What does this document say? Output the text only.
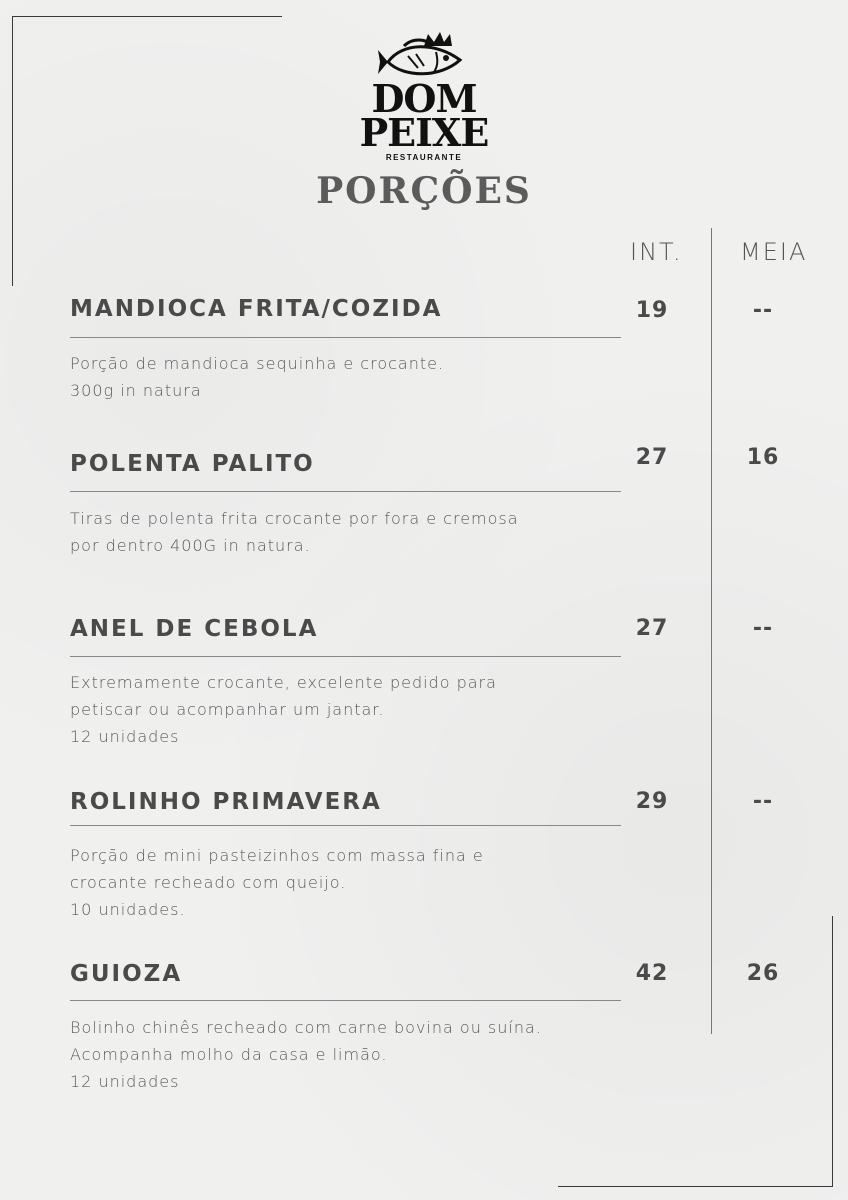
DOM
PEIXE
RESTAURANTE
PORÇÕES
INT. MEIA
MANDIOCA FRITA/COZIDA
Porção de mandioca sequinha e crocante.
300g in natura
19	--
POLENTA PALITO
Tiras de polenta frita crocante por fora e cremosa
por dentro 400G in natura.
27	16
ANEL DE CEBOLA
Extremamente crocante, excelente pedido para
petiscar ou acompanhar um jantar.
12 unidades
27	--
ROLINHO PRIMAVERA
Porção de mini pasteizinhos com massa fina e
crocante recheado com queijo.
10 unidades.
29	--
GUIOZA
Bolinho chinês recheado com carne bovina ou suína.
Acompanha molho da casa e limão.
12 unidades
42	26
